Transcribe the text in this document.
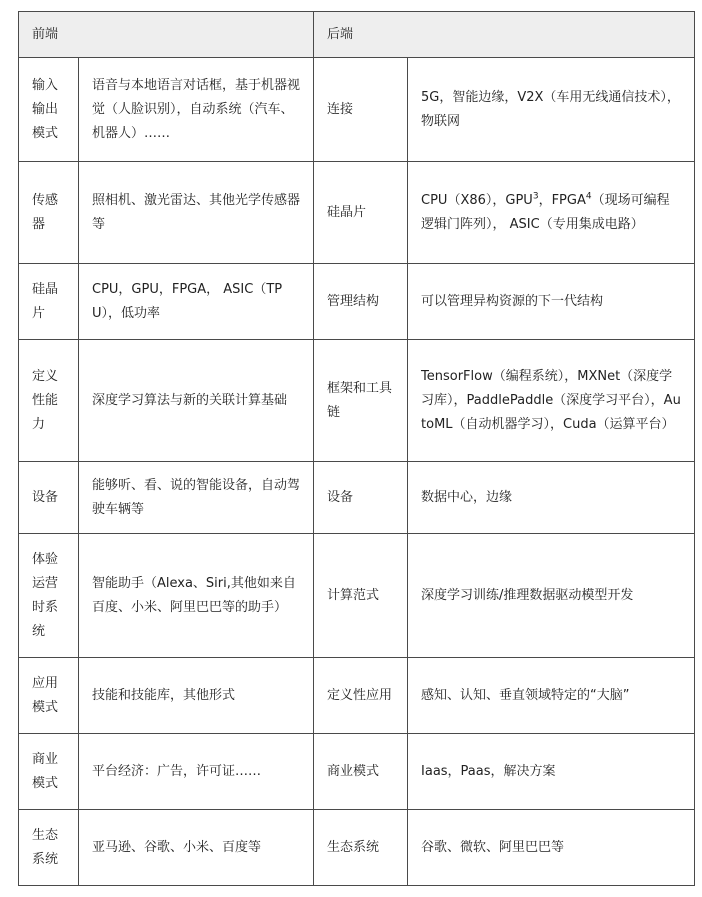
前端		后端	
输入输出模式	语音与本地语言对话框，基于机器视觉（人脸识别），自动系统（汽车、机器人）……	连接	5G，智能边缘，V2X（车用无线通信技术），物联网
传感器	照相机、激光雷达、其他光学传感器等	硅晶片	CPU（X86），GPU$^3$，FPGA$^4$（现场可编程逻辑门阵列）， ASIC（专用集成电路）
硅晶片	CPU，GPU，FPGA， ASIC（TPU），低功率	管理结构	可以管理异构资源的下一代结构
定义性能力	深度学习算法与新的关联计算基础	框架和工具链	TensorFlow（编程系统），MXNet（深度学习库），PaddlePaddle（深度学习平台），AutoML（自动机器学习），Cuda（运算平台）
设备	能够听、看、说的智能设备，自动驾驶车辆等	设备	数据中心，边缘
体验运营时系统	智能助手（Alexa、Siri,其他如来自百度、小米、阿里巴巴等的助手）	计算范式	深度学习训练/推理数据驱动模型开发
应用模式	技能和技能库，其他形式	定义性应用	感知、认知、垂直领域特定的“大脑”
商业模式	平台经济：广告，许可证……	商业模式	Iaas，Paas，解决方案
生态系统	亚马逊、谷歌、小米、百度等	生态系统	谷歌、微软、阿里巴巴等
